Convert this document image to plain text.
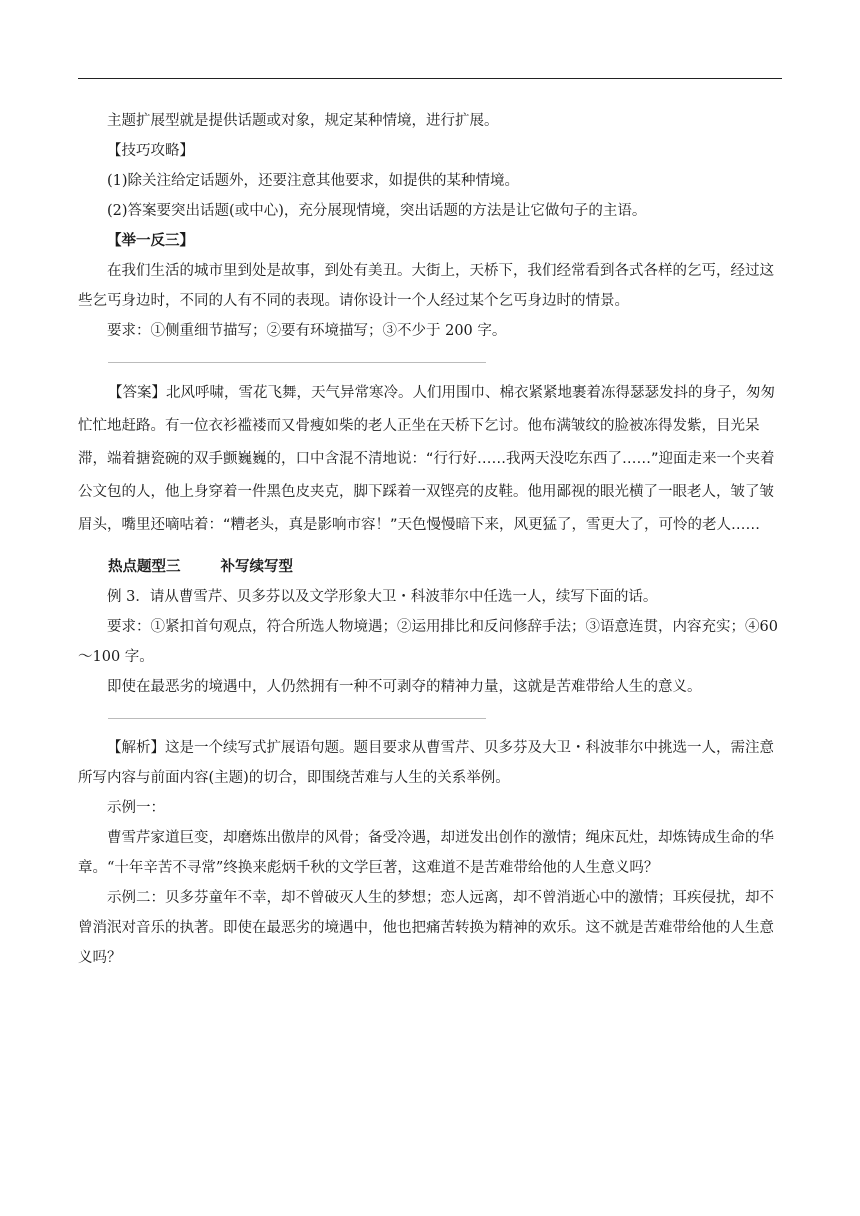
主题扩展型就是提供话题或对象，规定某种情境，进行扩展。

【技巧攻略】

(1)除关注给定话题外，还要注意其他要求，如提供的某种情境。

(2)答案要突出话题(或中心)，充分展现情境，突出话题的方法是让它做句子的主语。

【举一反三】

在我们生活的城市里到处是故事，到处有美丑。大街上，天桥下，我们经常看到各式各样的乞丐，经过这些乞丐身边时，不同的人有不同的表现。请你设计一个人经过某个乞丐身边时的情景。

要求：①侧重细节描写；②要有环境描写；③不少于 200 字。

【答案】北风呼啸，雪花飞舞，天气异常寒冷。人们用围巾、棉衣紧紧地裹着冻得瑟瑟发抖的身子，匆匆忙忙地赶路。有一位衣衫褴褛而又骨瘦如柴的老人正坐在天桥下乞讨。他布满皱纹的脸被冻得发紫，目光呆滞，端着搪瓷碗的双手颤巍巍的，口中含混不清地说：“行行好……我两天没吃东西了……”迎面走来一个夹着公文包的人，他上身穿着一件黑色皮夹克，脚下踩着一双铿亮的皮鞋。他用鄙视的眼光横了一眼老人，皱了皱眉头，嘴里还嘀咕着：“糟老头，真是影响市容！”天色慢慢暗下来，风更猛了，雪更大了，可怜的老人……

热点题型三	补写续写型

例 3．请从曹雪芹、贝多芬以及文学形象大卫・科波菲尔中任选一人，续写下面的话。

要求：①紧扣首句观点，符合所选人物境遇；②运用排比和反问修辞手法；③语意连贯，内容充实；④60～100 字。

即使在最恶劣的境遇中，人仍然拥有一种不可剥夺的精神力量，这就是苦难带给人生的意义。

【解析】这是一个续写式扩展语句题。题目要求从曹雪芹、贝多芬及大卫・科波菲尔中挑选一人，需注意所写内容与前面内容(主题)的切合，即围绕苦难与人生的关系举例。

示例一：

曹雪芹家道巨变，却磨炼出傲岸的风骨；备受冷遇，却迸发出创作的激情；绳床瓦灶，却炼铸成生命的华章。“十年辛苦不寻常”终换来彪炳千秋的文学巨著，这难道不是苦难带给他的人生意义吗？

示例二：贝多芬童年不幸，却不曾破灭人生的梦想；恋人远离，却不曾消逝心中的激情；耳疾侵扰，却不曾消泯对音乐的执著。即使在最恶劣的境遇中，他也把痛苦转换为精神的欢乐。这不就是苦难带给他的人生意义吗？
